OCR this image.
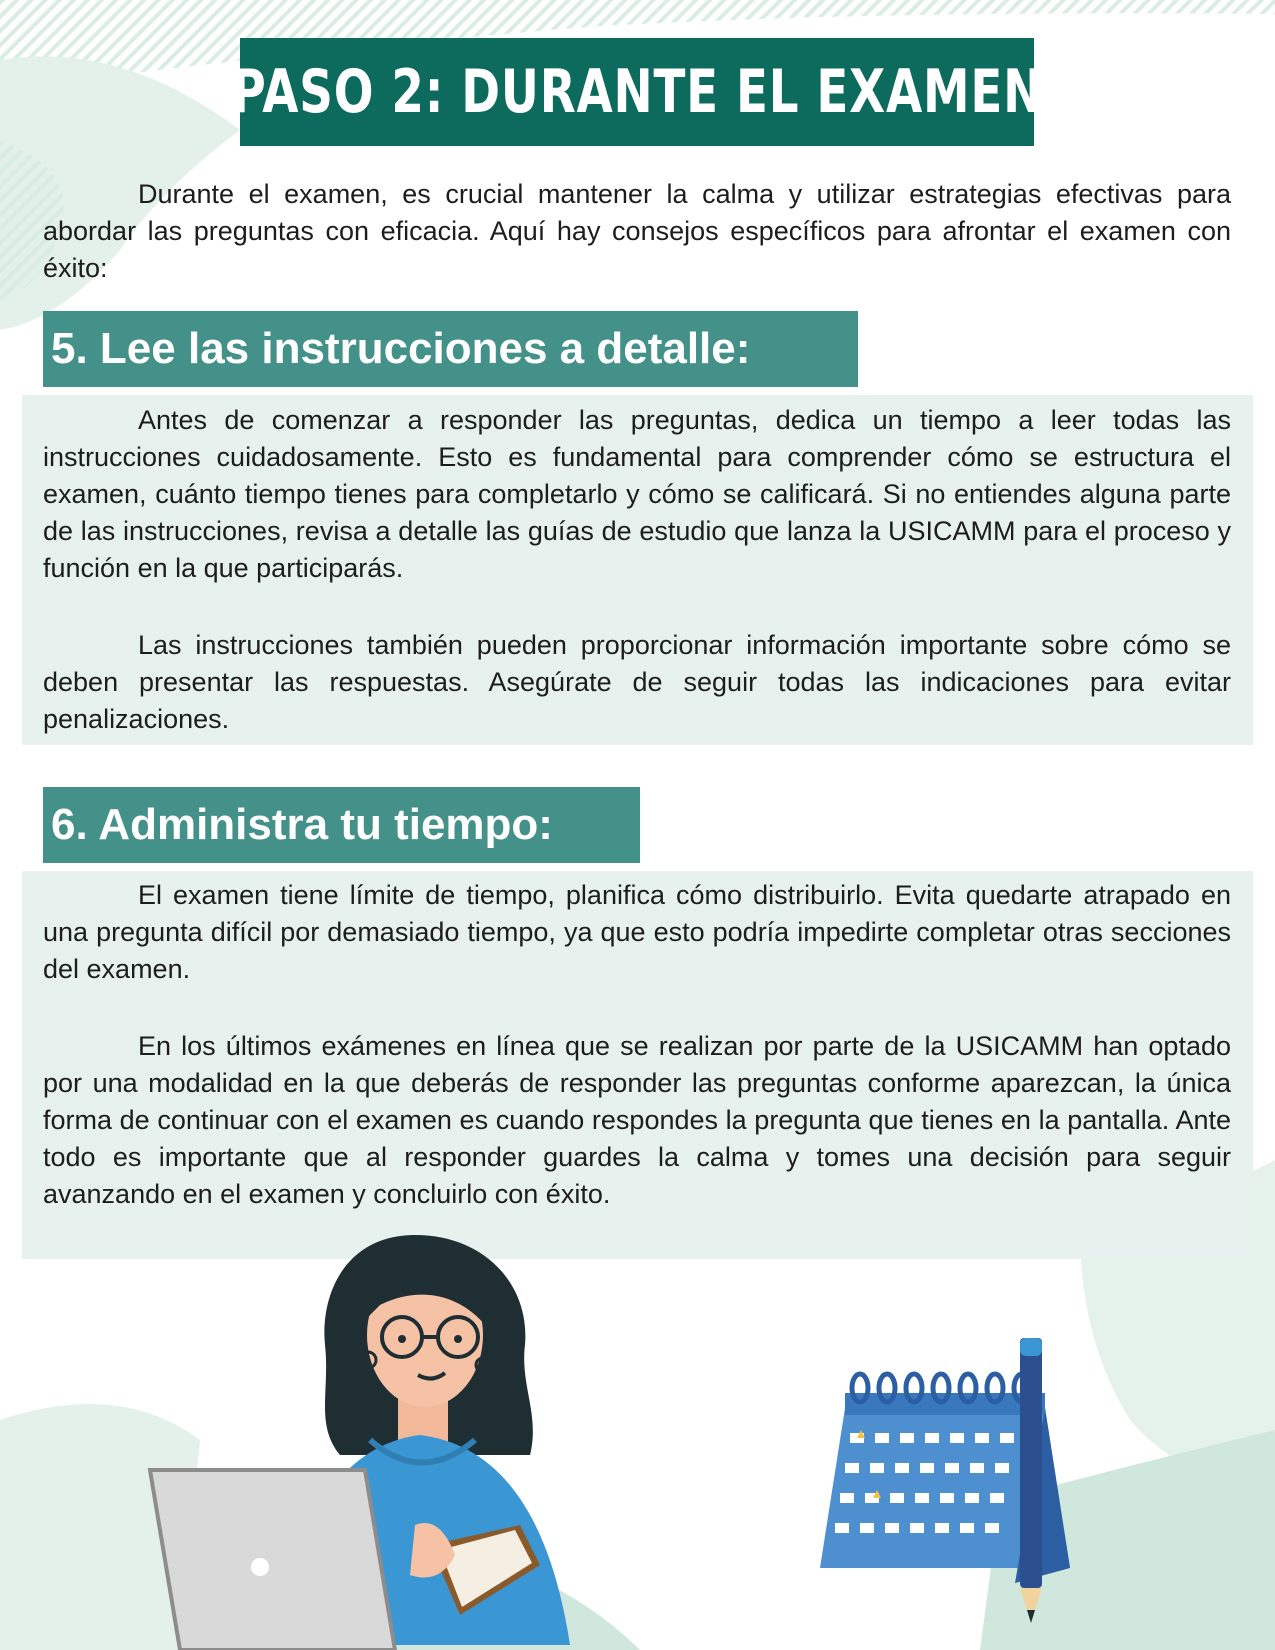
PASO 2: DURANTE EL EXAMEN

Durante el examen, es crucial mantener la calma y utilizar estrategias efectivas para abordar las preguntas con eficacia. Aquí hay consejos específicos para afrontar el examen con éxito:

5. Lee las instrucciones a detalle:

Antes de comenzar a responder las preguntas, dedica un tiempo a leer todas las instrucciones cuidadosamente. Esto es fundamental para comprender cómo se estructura el examen, cuánto tiempo tienes para completarlo y cómo se calificará. Si no entiendes alguna parte de las instrucciones, revisa a detalle las guías de estudio que lanza la USICAMM para el proceso y función en la que participarás.

Las instrucciones también pueden proporcionar información importante sobre cómo se deben presentar las respuestas. Asegúrate de seguir todas las indicaciones para evitar penalizaciones.

6. Administra tu tiempo:

El examen tiene límite de tiempo, planifica cómo distribuirlo. Evita quedarte atrapado en una pregunta difícil por demasiado tiempo, ya que esto podría impedirte completar otras secciones del examen.

En los últimos exámenes en línea que se realizan por parte de la USICAMM han optado por una modalidad en la que deberás de responder las preguntas conforme aparezcan, la única forma de continuar con el examen es cuando respondes la pregunta que tienes en la pantalla. Ante todo es importante que al responder guardes la calma y tomes una decisión para seguir avanzando en el examen y concluirlo con éxito.
